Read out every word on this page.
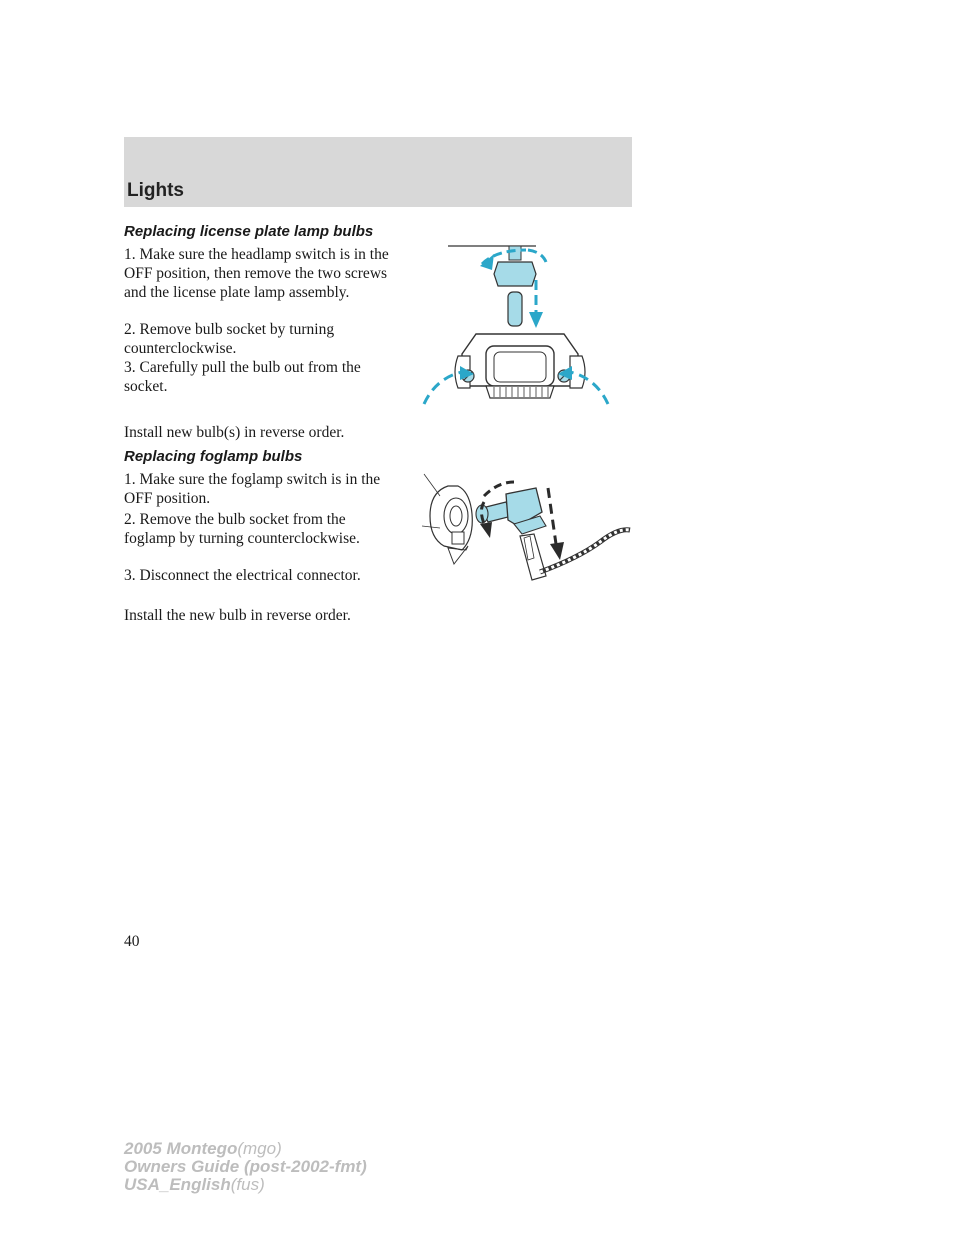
Lights
Replacing license plate lamp bulbs

1. Make sure the headlamp switch is in the OFF position, then remove the two screws and the license plate lamp assembly.

2. Remove bulb socket by turning counterclockwise.

3. Carefully pull the bulb out from the socket.

Install new bulb(s) in reverse order.

Replacing foglamp bulbs

1. Make sure the foglamp switch is in the OFF position.

2. Remove the bulb socket from the foglamp by turning counterclockwise.

3. Disconnect the electrical connector.

Install the new bulb in reverse order.

40
2005 Montego(mgo)
Owners Guide (post-2002-fmt)
USA_English(fus)
